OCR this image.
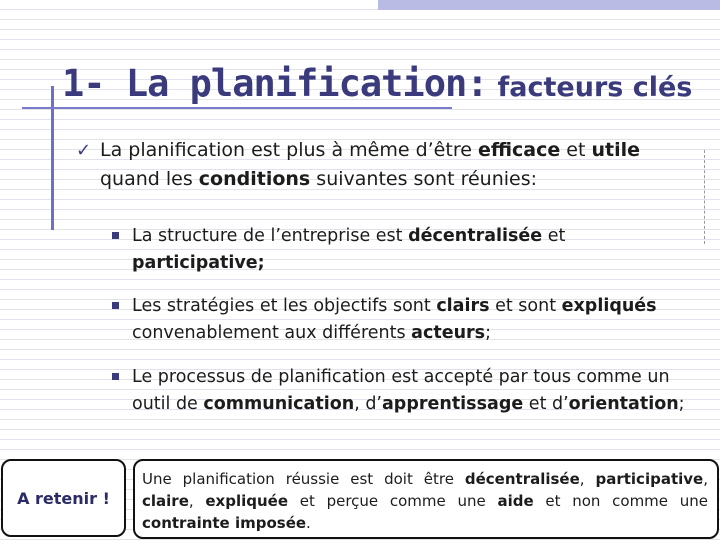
1- La planification: facteurs clés
✓ La planification est plus à même d’être efficace et utile quand les conditions suivantes sont réunies:
La structure de l’entreprise est décentralisée et participative;
Les stratégies et les objectifs sont clairs et sont expliqués convenablement aux différents acteurs;
Le processus de planification est accepté par tous comme un outil de communication, d’apprentissage et d’orientation;
A retenir !
Une planification réussie est doit être décentralisée, participative, claire, expliquée et perçue comme une aide et non comme une contrainte imposée.
